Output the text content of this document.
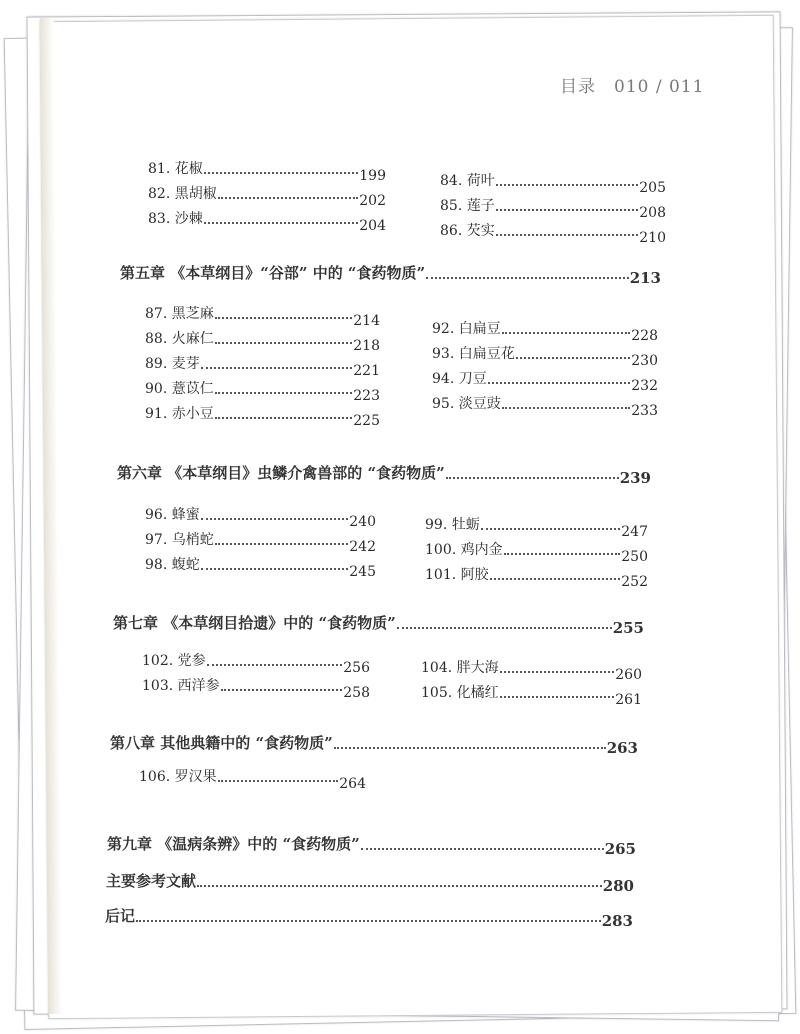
目录 010 / 011
81. 花椒	199
82. 黑胡椒	202
83. 沙棘	204
84. 荷叶	205
85. 莲子	208
86. 芡实	210
第五章 《本草纲目》“谷部” 中的 “食药物质”	213
87. 黑芝麻	214
88. 火麻仁	218
89. 麦芽	221
90. 薏苡仁	223
91. 赤小豆	225
92. 白扁豆	228
93. 白扁豆花	230
94. 刀豆	232
95. 淡豆豉	233
第六章 《本草纲目》虫鳞介禽兽部的 “食药物质”	239
96. 蜂蜜	240
97. 乌梢蛇	242
98. 蝮蛇	245
99. 牡蛎	247
100. 鸡内金	250
101. 阿胶	252
第七章 《本草纲目拾遗》中的 “食药物质”	255
102. 党参	256
103. 西洋参	258
104. 胖大海	260
105. 化橘红	261
第八章 其他典籍中的 “食药物质”	263
106. 罗汉果	264
第九章 《温病条辨》中的 “食药物质”	265
主要参考文献	280
后记	283
